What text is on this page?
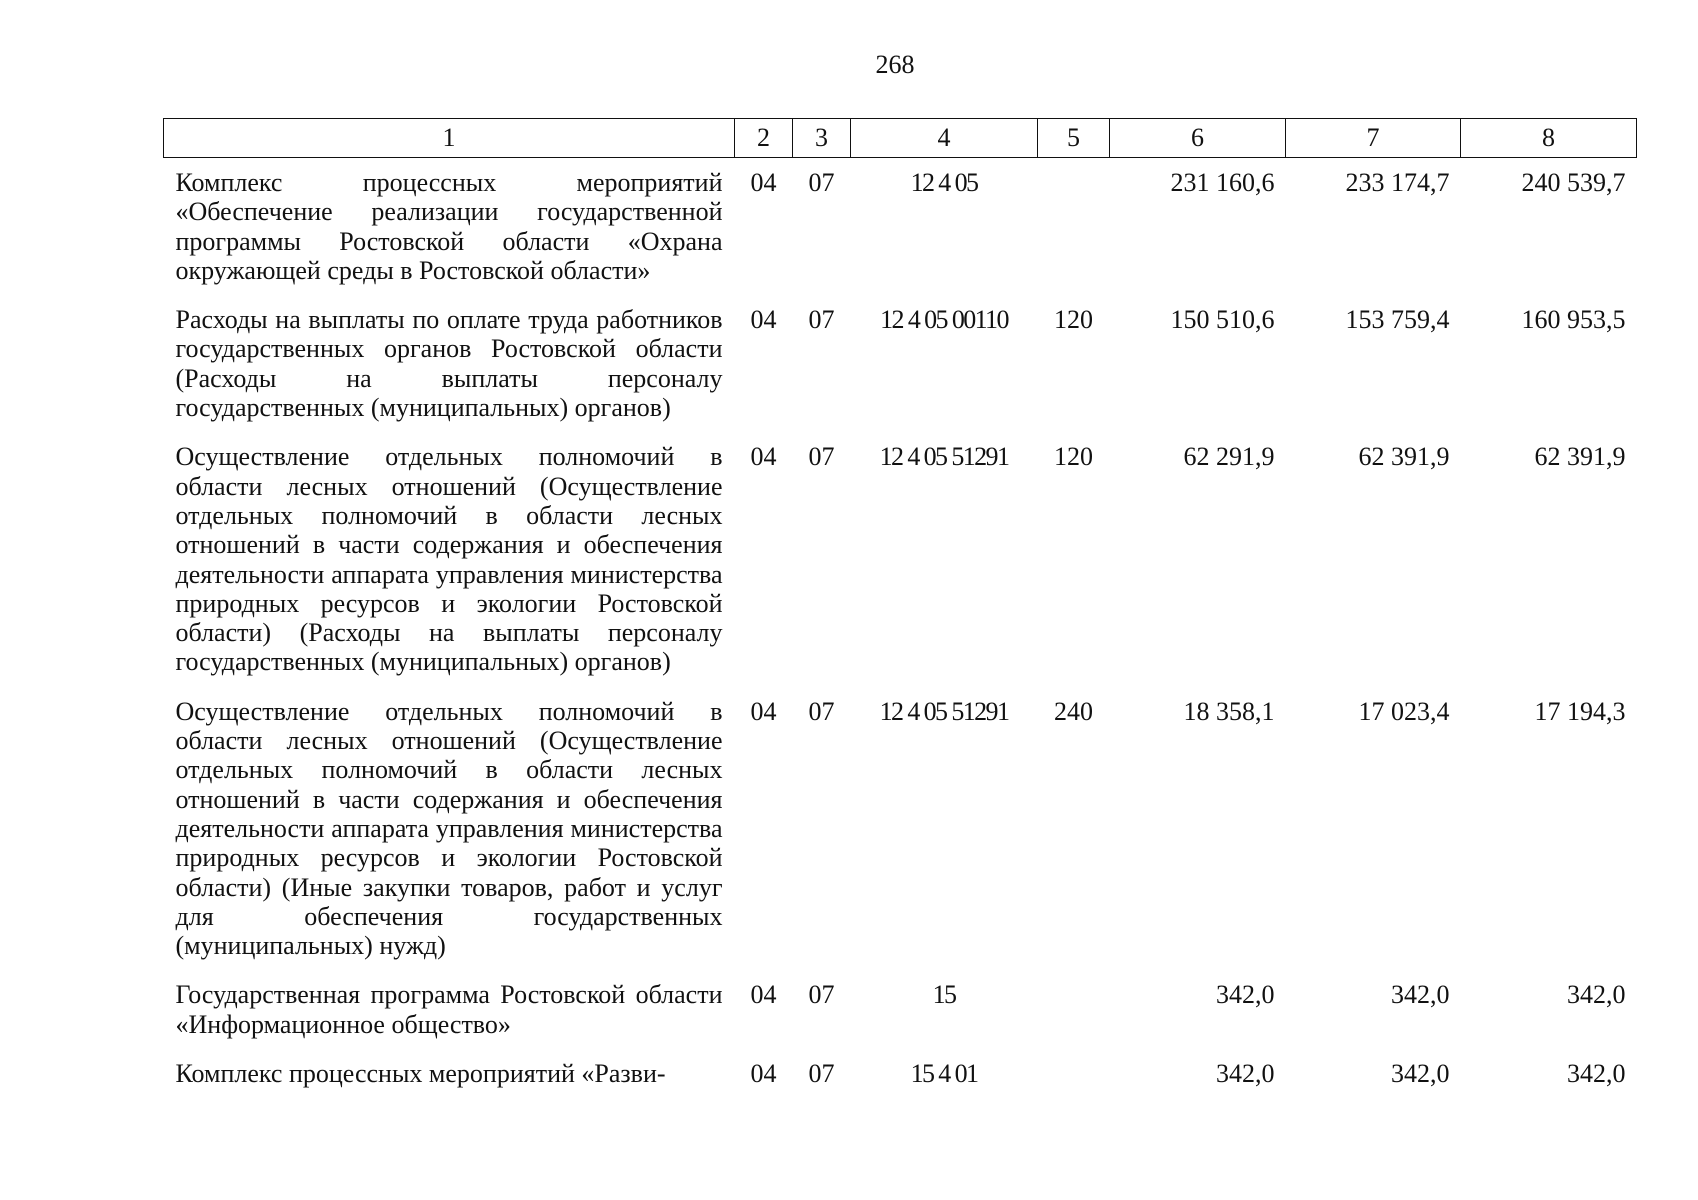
268
1	2	3	4	5	6	7	8
Комплекс процессных мероприятий «Обеспечение реализации государственной программы Ростовской области «Охрана окружающей среды в Ростовской области»	04	07	12 4 05		231 160,6	233 174,7	240 539,7
Расходы на выплаты по оплате труда работников государственных органов Ростовской области (Расходы на выплаты персоналу государственных (муниципальных) органов)	04	07	12 4 05 00110	120	150 510,6	153 759,4	160 953,5
Осуществление отдельных полномочий в области лесных отношений (Осуществление отдельных полномочий в области лесных отношений в части содержания и обеспечения деятельности аппарата управления министерства природных ресурсов и экологии Ростовской области) (Расходы на выплаты персоналу государственных (муниципальных) органов)	04	07	12 4 05 51291	120	62 291,9	62 391,9	62 391,9
Осуществление отдельных полномочий в области лесных отношений (Осуществление отдельных полномочий в области лесных отношений в части содержания и обеспечения деятельности аппарата управления министерства природных ресурсов и экологии Ростовской области) (Иные закупки товаров, работ и услуг для обеспечения государственных (муниципальных) нужд)	04	07	12 4 05 51291	240	18 358,1	17 023,4	17 194,3
Государственная программа Ростовской области «Информационное общество»	04	07	15		342,0	342,0	342,0
Комплекс процессных мероприятий «Разви-	04	07	15 4 01		342,0	342,0	342,0
